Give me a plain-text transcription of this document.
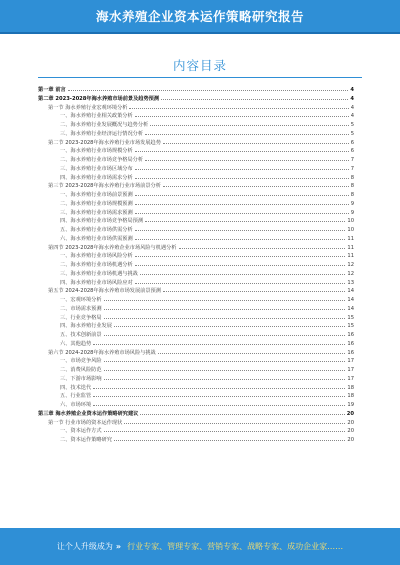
海水养殖企业资本运作策略研究报告
内容目录
第一章 前言	4
第二章 2023-2028年海水养殖市场前景及趋势预测	4
第一节 海水养殖行业宏观环境分析	4
一、海水养殖行业相关政策分析	4
二、海水养殖行业发展概况与趋势分析	5
三、海水养殖行业经济运行情况分析	5
第二节 2023-2028年海水养殖行业市场发展趋势	6
一、海水养殖行业市场规模分析	6
二、海水养殖行业市场竞争格局分析	7
三、海水养殖行业市场区域分布	7
四、海水养殖行业市场需求分析	8
第三节 2023-2028年海水养殖行业市场前景分析	8
一、海水养殖行业市场前景预测	8
二、海水养殖行业市场规模预测	9
三、海水养殖行业市场需求预测	9
四、海水养殖行业市场竞争格局预测	10
五、海水养殖行业市场供需分析	10
六、海水养殖行业市场供需预测	11
第四节 2023-2028年海水养殖企业市场风险与机遇分析	11
一、海水养殖行业市场风险分析	11
二、海水养殖行业市场机遇分析	12
三、海水养殖行业市场机遇与挑战	12
四、海水养殖行业市场风险应对	13
第五节 2024-2028年海水养殖市场发展前景预测	14
一、宏观环境分析	14
二、市场需求预测	14
三、行业竞争格局	15
四、海水养殖行业发展	15
五、技术创新前景	16
六、其他趋势	16
第六节 2024-2028年海水养殖市场风险与挑战	16
一、市场竞争风险	17
二、消费风险防范	17
三、下游市场影响	17
四、技术迭代	18
五、行业监管	18
六、市场环境	19
第三章 海水养殖企业资本运作策略研究建议	20
第一节 行业市场的资本运作现状	20
一、资本运作方式	20
二、资本运作策略研究	20
让个人升级成为 » 行业专家、管理专家、营销专家、战略专家、成功企业家……
